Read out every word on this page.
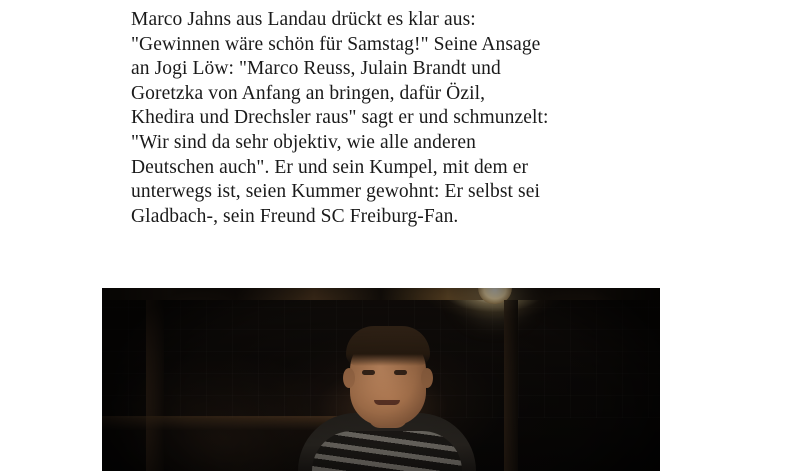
Marco Jahns aus Landau drückt es klar aus: "Gewinnen wäre schön für Samstag!" Seine Ansage an Jogi Löw: "Marco Reuss, Julain Brandt und Goretzka von Anfang an bringen, dafür Özil, Khedira und Drechsler raus" sagt er und schmunzelt: "Wir sind da sehr objektiv, wie alle anderen Deutschen auch". Er und sein Kumpel, mit dem er unterwegs ist, seien Kummer gewohnt: Er selbst sei Gladbach-, sein Freund SC Freiburg-Fan.
